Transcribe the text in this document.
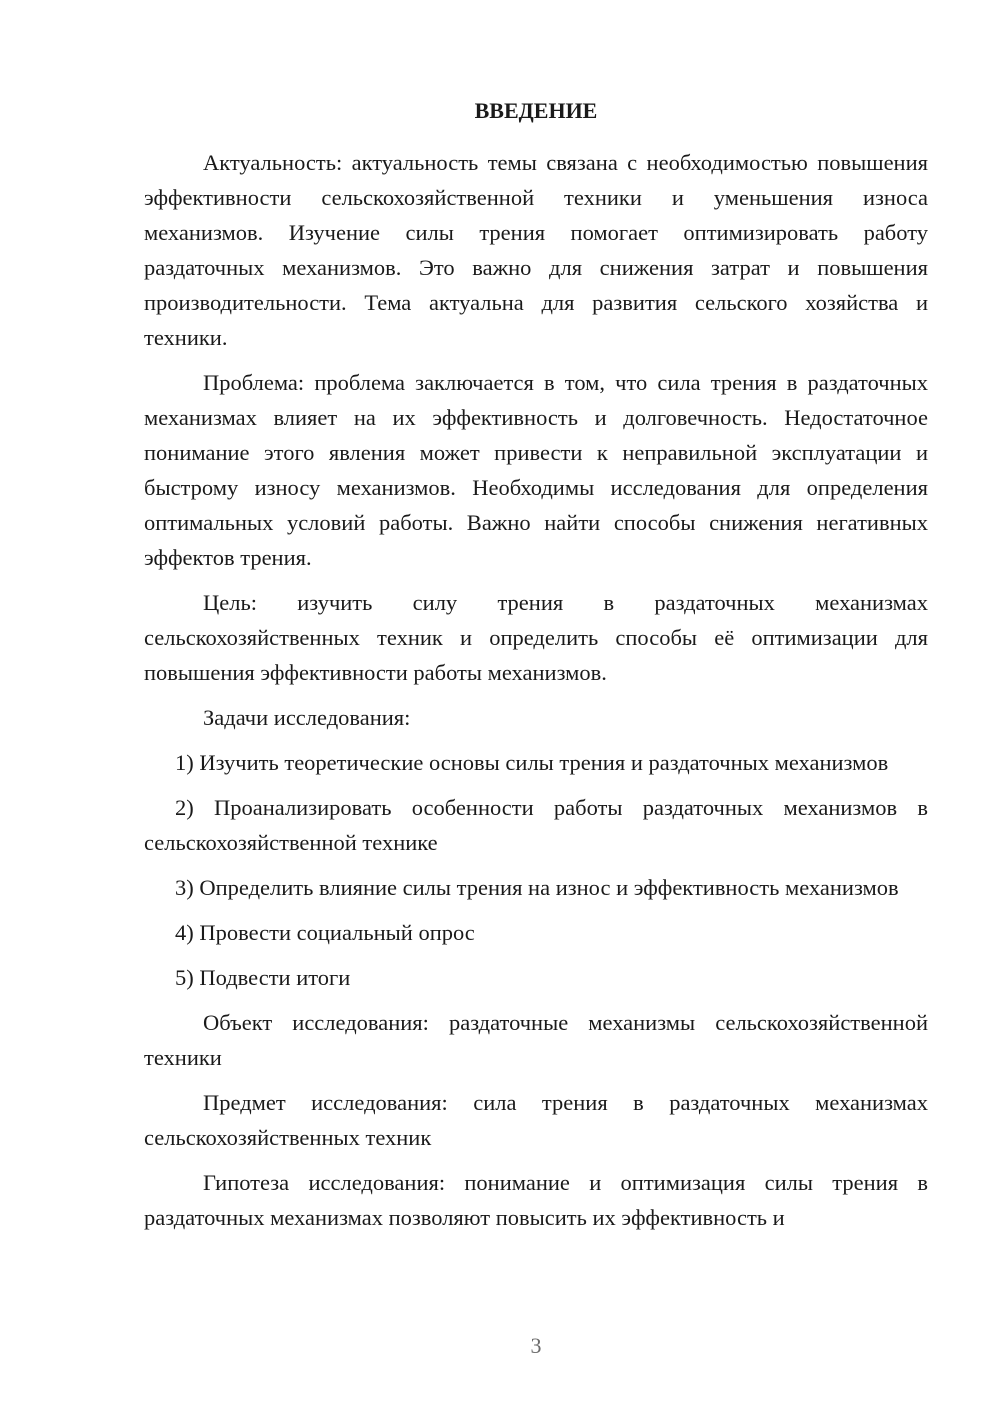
ВВЕДЕНИЕ

Актуальность: актуальность темы связана с необходимостью повышения эффективности сельскохозяйственной техники и уменьшения износа механизмов. Изучение силы трения помогает оптимизировать работу раздаточных механизмов. Это важно для снижения затрат и повышения производительности. Тема актуальна для развития сельского хозяйства и техники.

Проблема: проблема заключается в том, что сила трения в раздаточных механизмах влияет на их эффективность и долговечность. Недостаточное понимание этого явления может привести к неправильной эксплуатации и быстрому износу механизмов. Необходимы исследования для определения оптимальных условий работы. Важно найти способы снижения негативных эффектов трения.

Цель: изучить силу трения в раздаточных механизмах сельскохозяйственных техник и определить способы её оптимизации для повышения эффективности работы механизмов.

Задачи исследования:

1) Изучить теоретические основы силы трения и раздаточных механизмов

2) Проанализировать особенности работы раздаточных механизмов в сельскохозяйственной технике

3) Определить влияние силы трения на износ и эффективность механизмов

4) Провести социальный опрос

5) Подвести итоги

Объект исследования: раздаточные механизмы сельскохозяйственной техники

Предмет исследования: сила трения в раздаточных механизмах сельскохозяйственных техник

Гипотеза исследования: понимание и оптимизация силы трения в раздаточных механизмах позволяют повысить их эффективность и

3
